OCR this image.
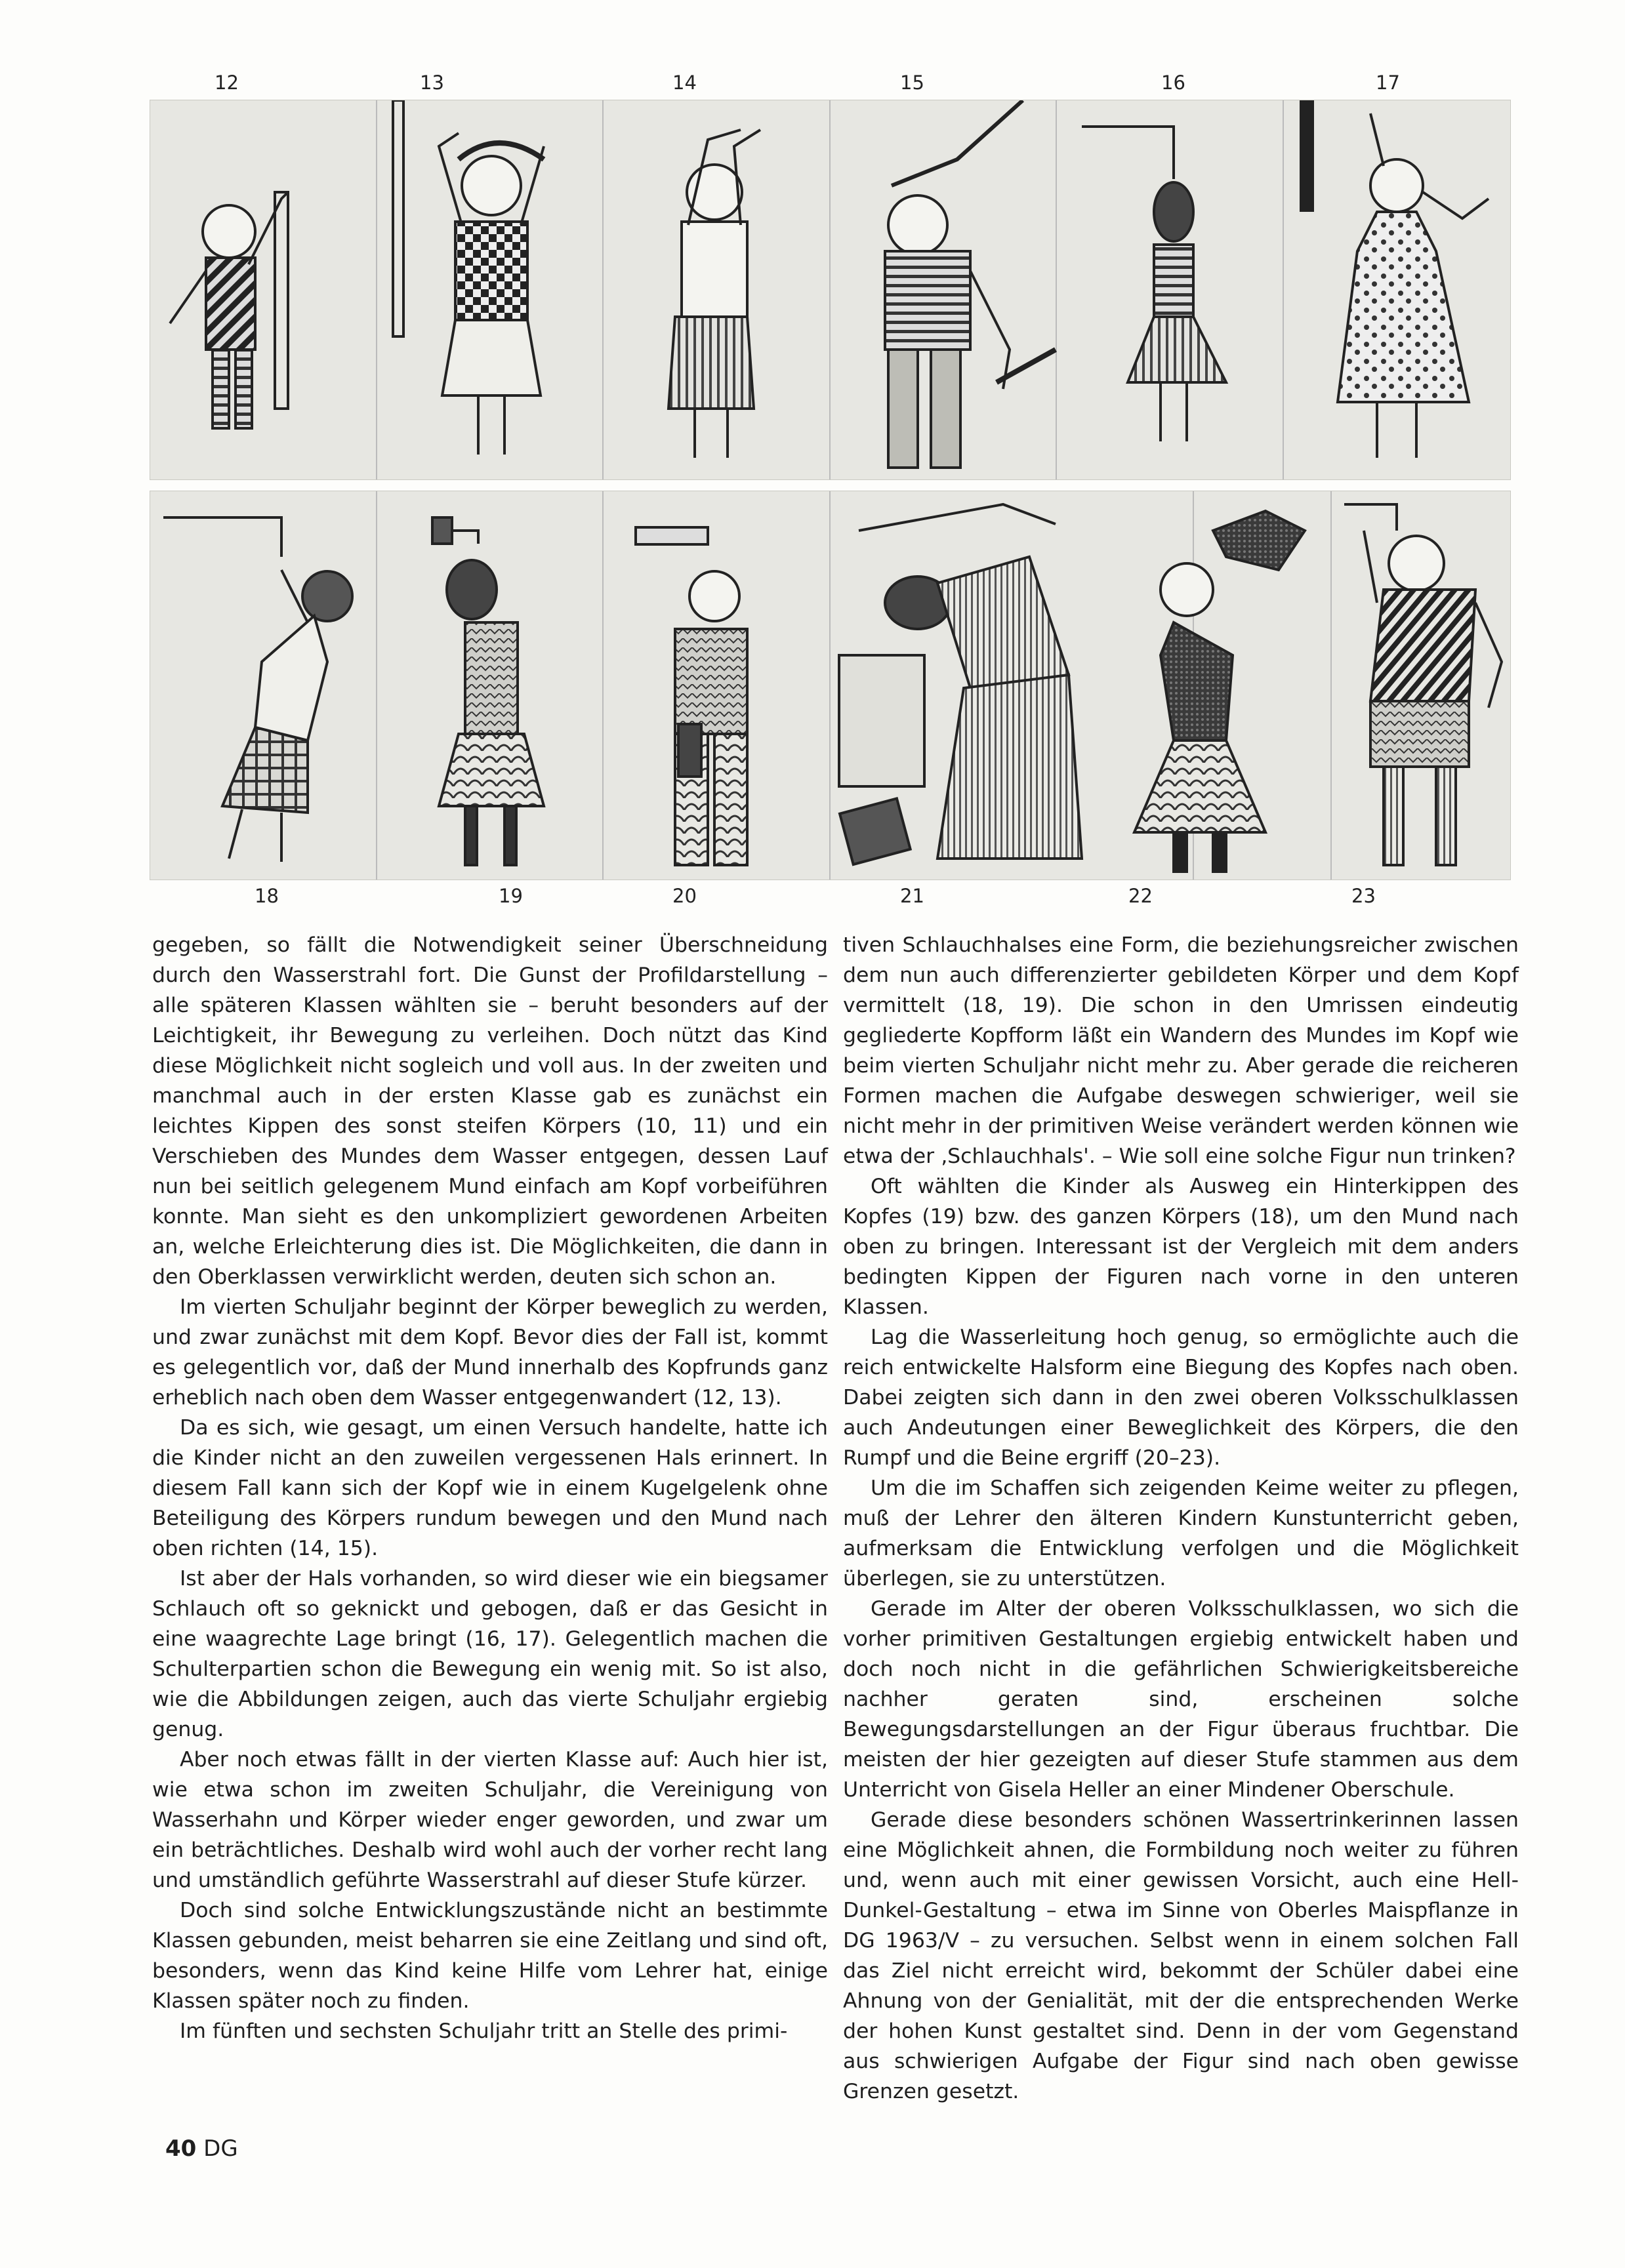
12	13	14	15	16	17
18	19	20	21	22	23

gegeben, so fällt die Notwendigkeit seiner Überschneidung durch den Wasserstrahl fort. Die Gunst der Profildarstellung – alle späteren Klassen wählten sie – beruht besonders auf der Leichtigkeit, ihr Bewegung zu verleihen. Doch nützt das Kind diese Möglichkeit nicht sogleich und voll aus. In der zweiten und manchmal auch in der ersten Klasse gab es zunächst ein leichtes Kippen des sonst steifen Körpers (10, 11) und ein Verschieben des Mundes dem Wasser entgegen, dessen Lauf nun bei seitlich gelegenem Mund einfach am Kopf vorbeiführen konnte. Man sieht es den unkompliziert gewordenen Arbeiten an, welche Erleichterung dies ist. Die Möglichkeiten, die dann in den Oberklassen verwirklicht werden, deuten sich schon an.

Im vierten Schuljahr beginnt der Körper beweglich zu werden, und zwar zunächst mit dem Kopf. Bevor dies der Fall ist, kommt es gelegentlich vor, daß der Mund innerhalb des Kopfrunds ganz erheblich nach oben dem Wasser entgegenwandert (12, 13).

Da es sich, wie gesagt, um einen Versuch handelte, hatte ich die Kinder nicht an den zuweilen vergessenen Hals erinnert. In diesem Fall kann sich der Kopf wie in einem Kugelgelenk ohne Beteiligung des Körpers rundum bewegen und den Mund nach oben richten (14, 15).

Ist aber der Hals vorhanden, so wird dieser wie ein biegsamer Schlauch oft so geknickt und gebogen, daß er das Gesicht in eine waagrechte Lage bringt (16, 17). Gelegentlich machen die Schulterpartien schon die Bewegung ein wenig mit. So ist also, wie die Abbildungen zeigen, auch das vierte Schuljahr ergiebig genug.

Aber noch etwas fällt in der vierten Klasse auf: Auch hier ist, wie etwa schon im zweiten Schuljahr, die Vereinigung von Wasserhahn und Körper wieder enger geworden, und zwar um ein beträchtliches. Deshalb wird wohl auch der vorher recht lang und umständlich geführte Wasserstrahl auf dieser Stufe kürzer.

Doch sind solche Entwicklungszustände nicht an bestimmte Klassen gebunden, meist beharren sie eine Zeitlang und sind oft, besonders, wenn das Kind keine Hilfe vom Lehrer hat, einige Klassen später noch zu finden.

Im fünften und sechsten Schuljahr tritt an Stelle des primi-

tiven Schlauchhalses eine Form, die beziehungsreicher zwischen dem nun auch differenzierter gebildeten Körper und dem Kopf vermittelt (18, 19). Die schon in den Umrissen eindeutig gegliederte Kopfform läßt ein Wandern des Mundes im Kopf wie beim vierten Schuljahr nicht mehr zu. Aber gerade die reicheren Formen machen die Aufgabe deswegen schwieriger, weil sie nicht mehr in der primitiven Weise verändert werden können wie etwa der ‚Schlauchhals'. – Wie soll eine solche Figur nun trinken?

Oft wählten die Kinder als Ausweg ein Hinterkippen des Kopfes (19) bzw. des ganzen Körpers (18), um den Mund nach oben zu bringen. Interessant ist der Vergleich mit dem anders bedingten Kippen der Figuren nach vorne in den unteren Klassen.

Lag die Wasserleitung hoch genug, so ermöglichte auch die reich entwickelte Halsform eine Biegung des Kopfes nach oben. Dabei zeigten sich dann in den zwei oberen Volksschulklassen auch Andeutungen einer Beweglichkeit des Körpers, die den Rumpf und die Beine ergriff (20–23).

Um die im Schaffen sich zeigenden Keime weiter zu pflegen, muß der Lehrer den älteren Kindern Kunstunterricht geben, aufmerksam die Entwicklung verfolgen und die Möglichkeit überlegen, sie zu unterstützen.

Gerade im Alter der oberen Volksschulklassen, wo sich die vorher primitiven Gestaltungen ergiebig entwickelt haben und doch noch nicht in die gefährlichen Schwierigkeitsbereiche nachher geraten sind, erscheinen solche Bewegungsdarstellungen an der Figur überaus fruchtbar. Die meisten der hier gezeigten auf dieser Stufe stammen aus dem Unterricht von Gisela Heller an einer Mindener Oberschule.

Gerade diese besonders schönen Wassertrinkerinnen lassen eine Möglichkeit ahnen, die Formbildung noch weiter zu führen und, wenn auch mit einer gewissen Vorsicht, auch eine Hell-Dunkel-Gestaltung – etwa im Sinne von Oberles Maispflanze in DG 1963/V – zu versuchen. Selbst wenn in einem solchen Fall das Ziel nicht erreicht wird, bekommt der Schüler dabei eine Ahnung von der Genialität, mit der die entsprechenden Werke der hohen Kunst gestaltet sind. Denn in der vom Gegenstand aus schwierigen Aufgabe der Figur sind nach oben gewisse Grenzen gesetzt.

40 DG
